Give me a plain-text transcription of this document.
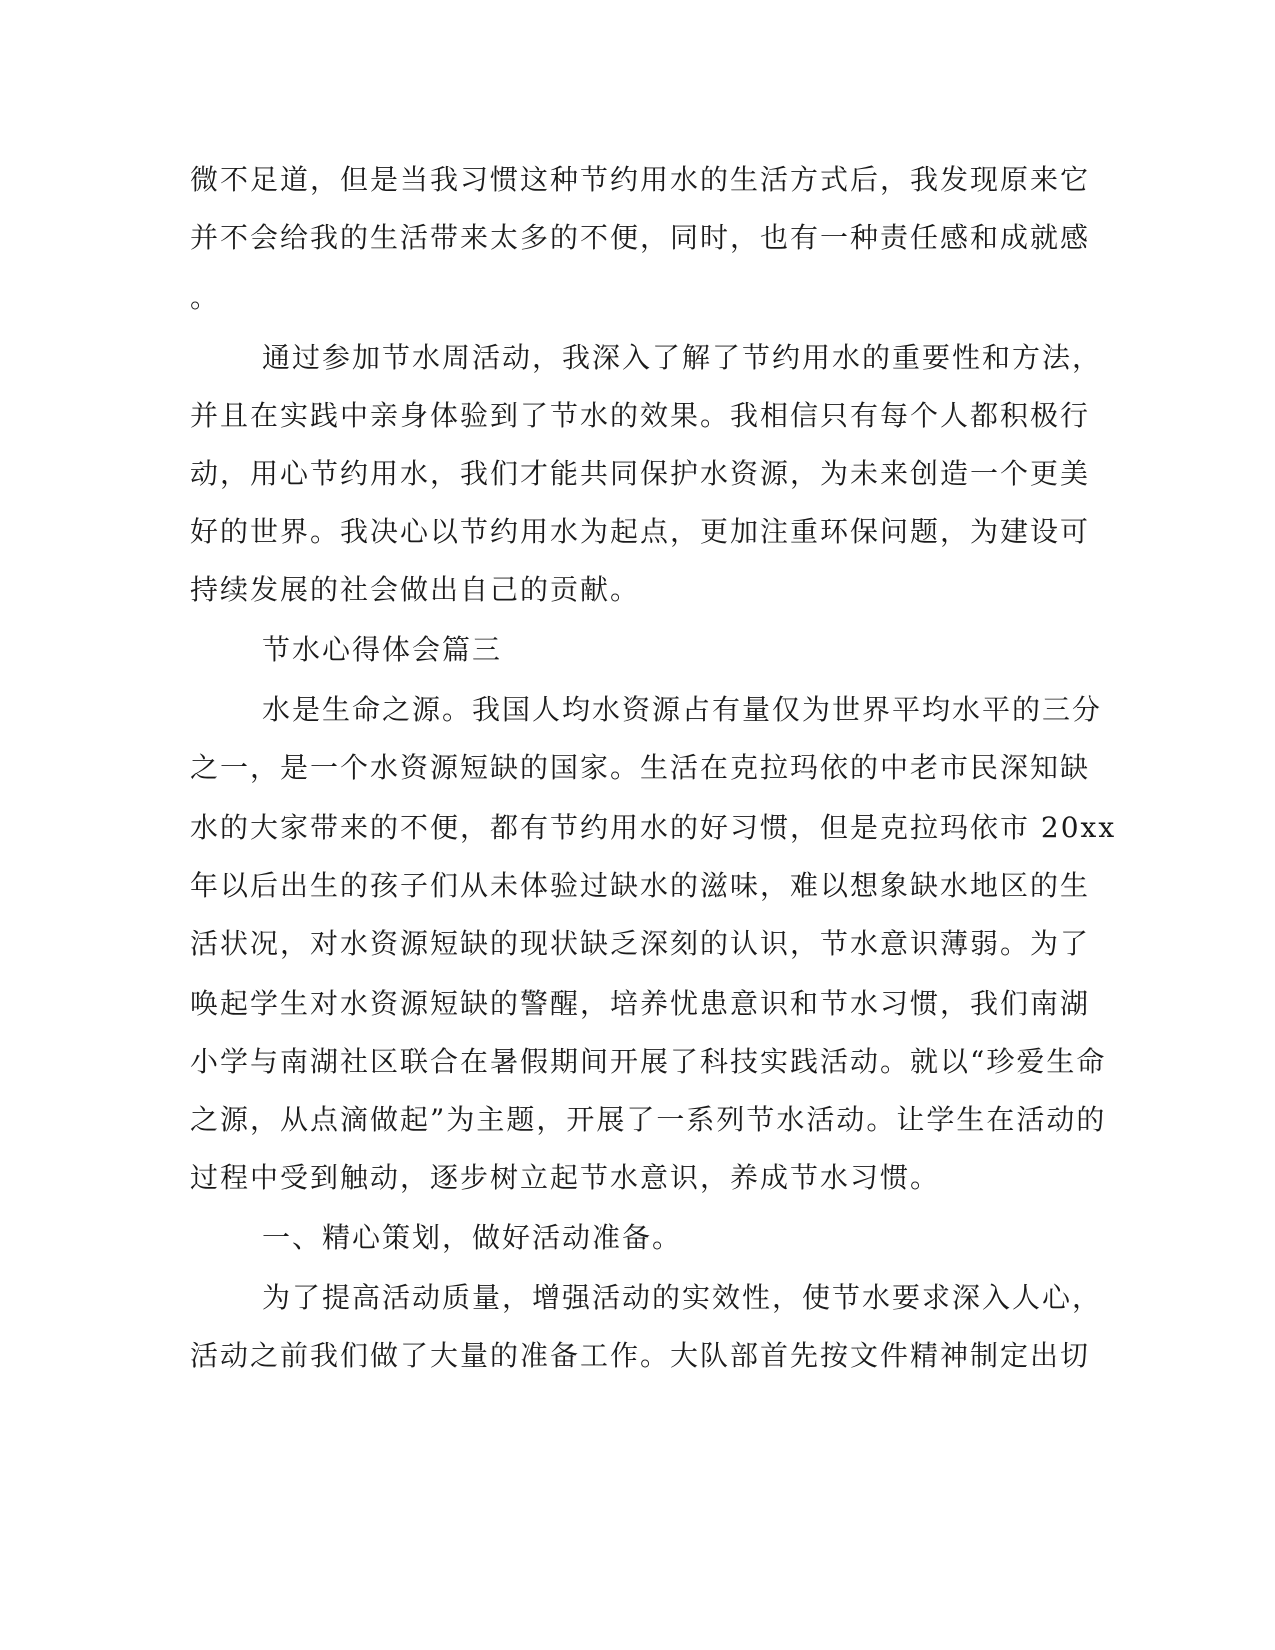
微不足道，但是当我习惯这种节约用水的生活方式后，我发现原来它
并不会给我的生活带来太多的不便，同时，也有一种责任感和成就感
。
通过参加节水周活动，我深入了解了节约用水的重要性和方法，
并且在实践中亲身体验到了节水的效果。我相信只有每个人都积极行
动，用心节约用水，我们才能共同保护水资源，为未来创造一个更美
好的世界。我决心以节约用水为起点，更加注重环保问题，为建设可
持续发展的社会做出自己的贡献。
节水心得体会篇三
水是生命之源。我国人均水资源占有量仅为世界平均水平的三分
之一，是一个水资源短缺的国家。生活在克拉玛依的中老市民深知缺
水的大家带来的不便，都有节约用水的好习惯，但是克拉玛依市 20xx
年以后出生的孩子们从未体验过缺水的滋味，难以想象缺水地区的生
活状况，对水资源短缺的现状缺乏深刻的认识，节水意识薄弱。为了
唤起学生对水资源短缺的警醒，培养忧患意识和节水习惯，我们南湖
小学与南湖社区联合在暑假期间开展了科技实践活动。就以“珍爱生命
之源，从点滴做起”为主题，开展了一系列节水活动。让学生在活动的
过程中受到触动，逐步树立起节水意识，养成节水习惯。
一、精心策划，做好活动准备。
为了提高活动质量，增强活动的实效性，使节水要求深入人心，
活动之前我们做了大量的准备工作。大队部首先按文件精神制定出切
